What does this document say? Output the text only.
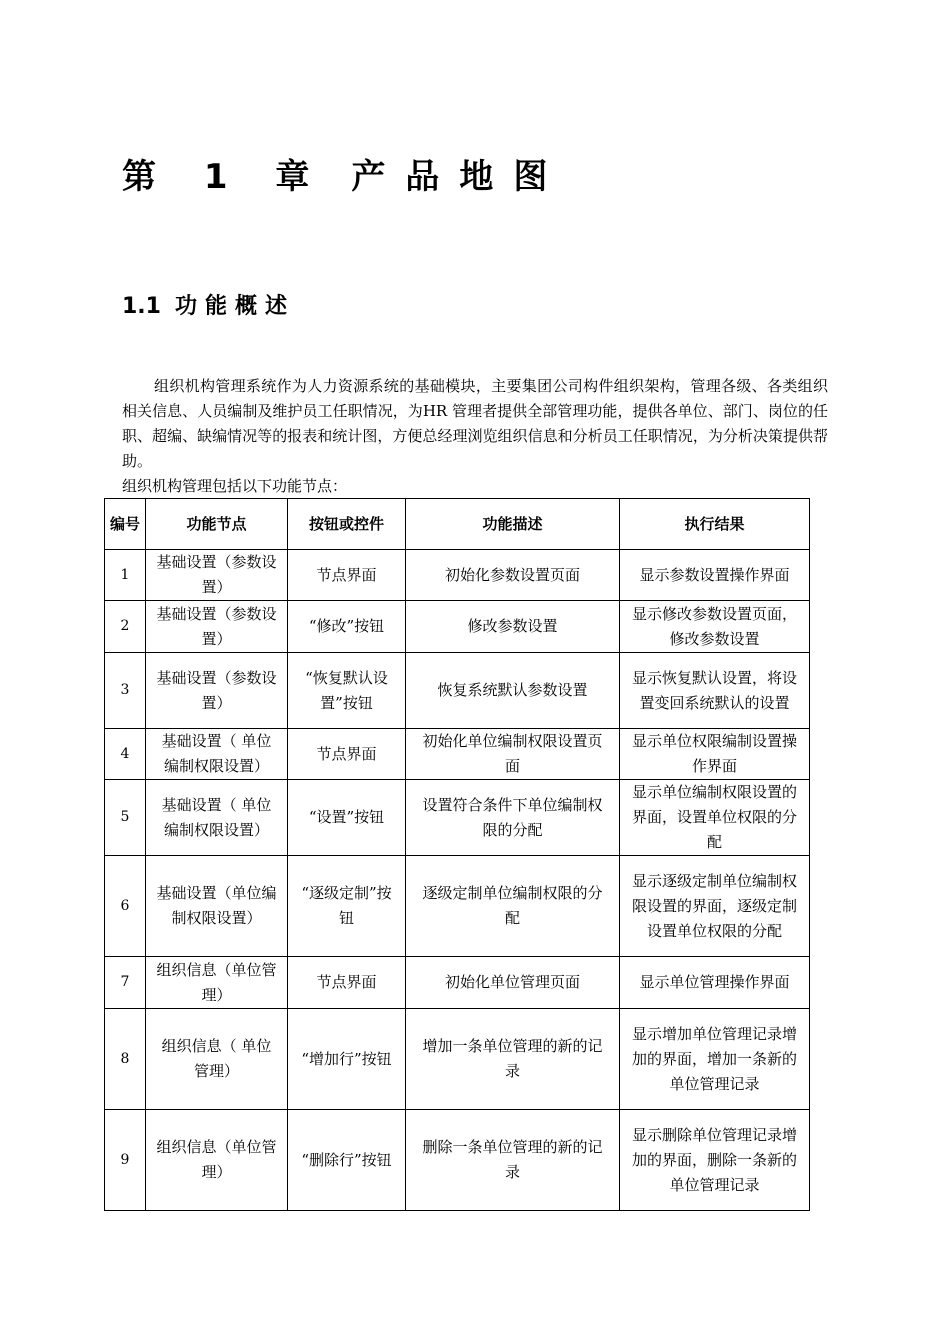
第 1 章 产品地图
1.1 功能概述

组织机构管理系统作为人力资源系统的基础模块，主要集团公司构件组织架构，管理各级、各类组织相关信息、人员编制及维护员工任职情况，为HR 管理者提供全部管理功能，提供各单位、部门、岗位的任职、超编、缺编情况等的报表和统计图，方便总经理浏览组织信息和分析员工任职情况，为分析决策提供帮助。

组织机构管理包括以下功能节点：

编号	功能节点	按钮或控件	功能描述	执行结果
1	基础设置（参数设置）	节点界面	初始化参数设置页面	显示参数设置操作界面
2	基础设置（参数设置）	“修改”按钮	修改参数设置	显示修改参数设置页面，修改参数设置
3	基础设置（参数设置）	“恢复默认设置”按钮	恢复系统默认参数设置	显示恢复默认设置，将设置变回系统默认的设置
4	基础设置（ 单位编制权限设置）	节点界面	初始化单位编制权限设置页面	显示单位权限编制设置操作界面
5	基础设置（ 单位编制权限设置）	“设置”按钮	设置符合条件下单位编制权限的分配	显示单位编制权限设置的界面，设置单位权限的分配
6	基础设置（单位编制权限设置）	“逐级定制”按钮	逐级定制单位编制权限的分配	显示逐级定制单位编制权限设置的界面，逐级定制设置单位权限的分配
7	组织信息（单位管理）	节点界面	初始化单位管理页面	显示单位管理操作界面
8	组织信息（ 单位管理）	“增加行”按钮	增加一条单位管理的新的记录	显示增加单位管理记录增加的界面，增加一条新的单位管理记录
9	组织信息（单位管理）	“删除行”按钮	删除一条单位管理的新的记录	显示删除单位管理记录增加的界面，删除一条新的单位管理记录
